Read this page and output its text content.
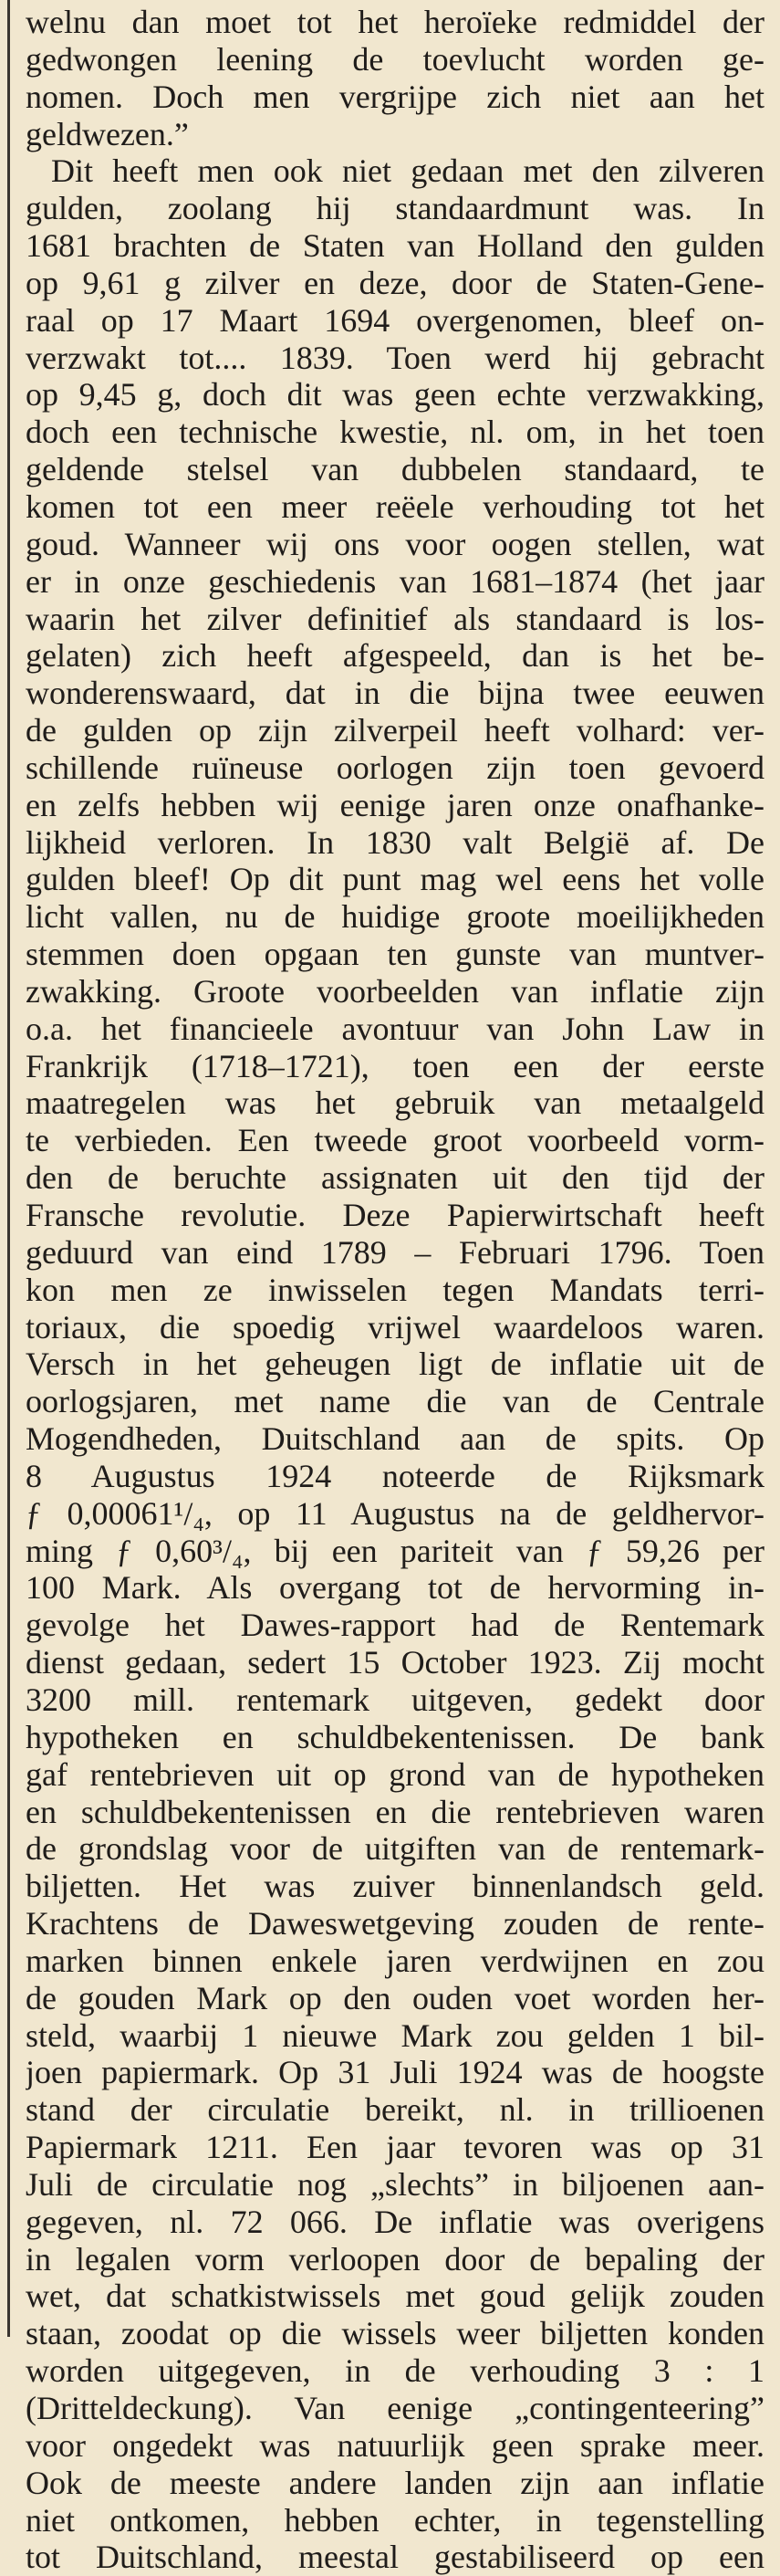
welnu dan moet tot het heroïeke redmiddel der
gedwongen leening de toevlucht worden ge-
nomen. Doch men vergrijpe zich niet aan het
geldwezen.”
Dit heeft men ook niet gedaan met den zilveren
gulden, zoolang hij standaardmunt was. In
1681 brachten de Staten van Holland den gulden
op 9,61 g zilver en deze, door de Staten-Gene-
raal op 17 Maart 1694 overgenomen, bleef on-
verzwakt tot.... 1839. Toen werd hij gebracht
op 9,45 g, doch dit was geen echte verzwakking,
doch een technische kwestie, nl. om, in het toen
geldende stelsel van dubbelen standaard, te
komen tot een meer reëele verhouding tot het
goud. Wanneer wij ons voor oogen stellen, wat
er in onze geschiedenis van 1681–1874 (het jaar
waarin het zilver definitief als standaard is los-
gelaten) zich heeft afgespeeld, dan is het be-
wonderenswaard, dat in die bijna twee eeuwen
de gulden op zijn zilverpeil heeft volhard: ver-
schillende ruïneuse oorlogen zijn toen gevoerd
en zelfs hebben wij eenige jaren onze onafhanke-
lijkheid verloren. In 1830 valt België af. De
gulden bleef! Op dit punt mag wel eens het volle
licht vallen, nu de huidige groote moeilijkheden
stemmen doen opgaan ten gunste van muntver-
zwakking. Groote voorbeelden van inflatie zijn
o.a. het financieele avontuur van John Law in
Frankrijk (1718–1721), toen een der eerste
maatregelen was het gebruik van metaalgeld
te verbieden. Een tweede groot voorbeeld vorm-
den de beruchte assignaten uit den tijd der
Fransche revolutie. Deze Papierwirtschaft heeft
geduurd van eind 1789 – Februari 1796. Toen
kon men ze inwisselen tegen Mandats terri-
toriaux, die spoedig vrijwel waardeloos waren.
Versch in het geheugen ligt de inflatie uit de
oorlogsjaren, met name die van de Centrale
Mogendheden, Duitschland aan de spits. Op
8 Augustus 1924 noteerde de Rijksmark
ƒ 0,00061¹/₄, op 11 Augustus na de geldhervor-
ming ƒ 0,60³/₄, bij een pariteit van ƒ 59,26 per
100 Mark. Als overgang tot de hervorming in-
gevolge het Dawes-rapport had de Rentemark
dienst gedaan, sedert 15 October 1923. Zij mocht
3200 mill. rentemark uitgeven, gedekt door
hypotheken en schuldbekentenissen. De bank
gaf rentebrieven uit op grond van de hypotheken
en schuldbekentenissen en die rentebrieven waren
de grondslag voor de uitgiften van de rentemark-
biljetten. Het was zuiver binnenlandsch geld.
Krachtens de Daweswetgeving zouden de rente-
marken binnen enkele jaren verdwijnen en zou
de gouden Mark op den ouden voet worden her-
steld, waarbij 1 nieuwe Mark zou gelden 1 bil-
joen papiermark. Op 31 Juli 1924 was de hoogste
stand der circulatie bereikt, nl. in trillioenen
Papiermark 1211. Een jaar tevoren was op 31
Juli de circulatie nog „slechts” in biljoenen aan-
gegeven, nl. 72 066. De inflatie was overigens
in legalen vorm verloopen door de bepaling der
wet, dat schatkistwissels met goud gelijk zouden
staan, zoodat op die wissels weer biljetten konden
worden uitgegeven, in de verhouding 3 : 1
(Dritteldeckung). Van eenige „contingenteering”
voor ongedekt was natuurlijk geen sprake meer.
Ook de meeste andere landen zijn aan inflatie
niet ontkomen, hebben echter, in tegenstelling
tot Duitschland, meestal gestabiliseerd op een
